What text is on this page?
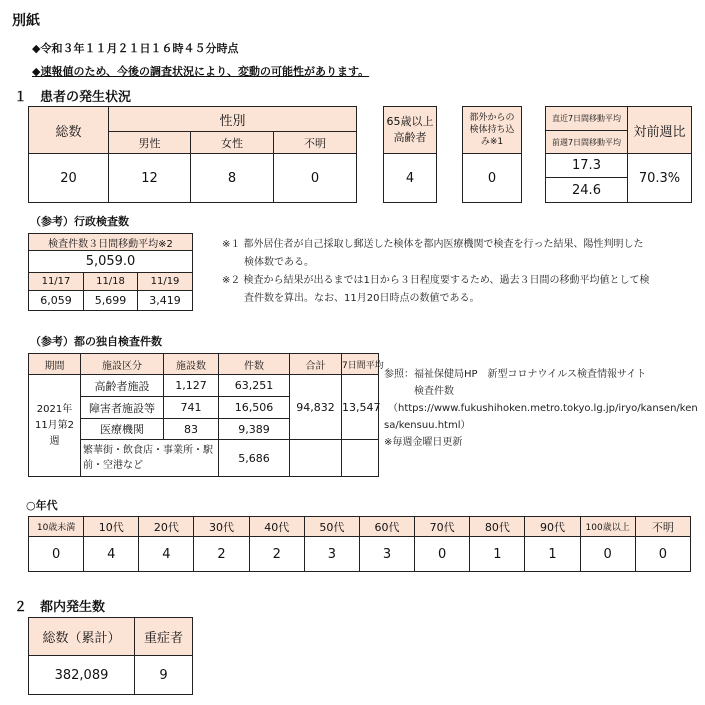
別紙
◆令和３年１１月２１日１６時４５分時点
◆速報値のため、今後の調査状況により、変動の可能性があります。
１　患者の発生状況
総数	性別		
	男性	女性	不明
20	12	8	0
65歳以上
高齢者

4
都外からの
検体持ち込
み※1

0
直近7日間移動平均	対前週比
前週7日間移動平均	
17.3	70.3%
24.6	
（参考）行政検査数
検査件数３日間移動平均※2		
5,059.0		
11/17	11/18	11/19
6,059	5,699	3,419
※１ 都外居住者が自己採取し郵送した検体を都内医療機関で検査を行った結果、陽性判明した
検体数である。
※２ 検査から結果が出るまでは1日から３日程度要するため、過去３日間の移動平均値として検
査件数を算出。なお、11月20日時点の数値である。
（参考）都の独自検査件数
期間	施設区分	施設数	件数	合計	7日間平均
2021年11月第2週	高齢者施設	1,127	63,251	94,832	13,547
	障害者施設等	741	16,506		
	医療機関	83	9,389		
	繁華街・飲食店・事業所・駅前・空港など		5,686		
参照：福祉保健局HP　新型コロナウイルス検査情報サイト
検査件数
（https://www.fukushihoken.metro.tokyo.lg.jp/iryo/kansen/ken
sa/kensuu.html）
※毎週金曜日更新
○年代
10歳未満	10代	20代	30代	40代	50代	60代	70代	80代	90代	100歳以上	不明
0	4	4	2	2	3	3	0	1	1	0	0
２　都内発生数
総数（累計）	重症者
382,089	9
